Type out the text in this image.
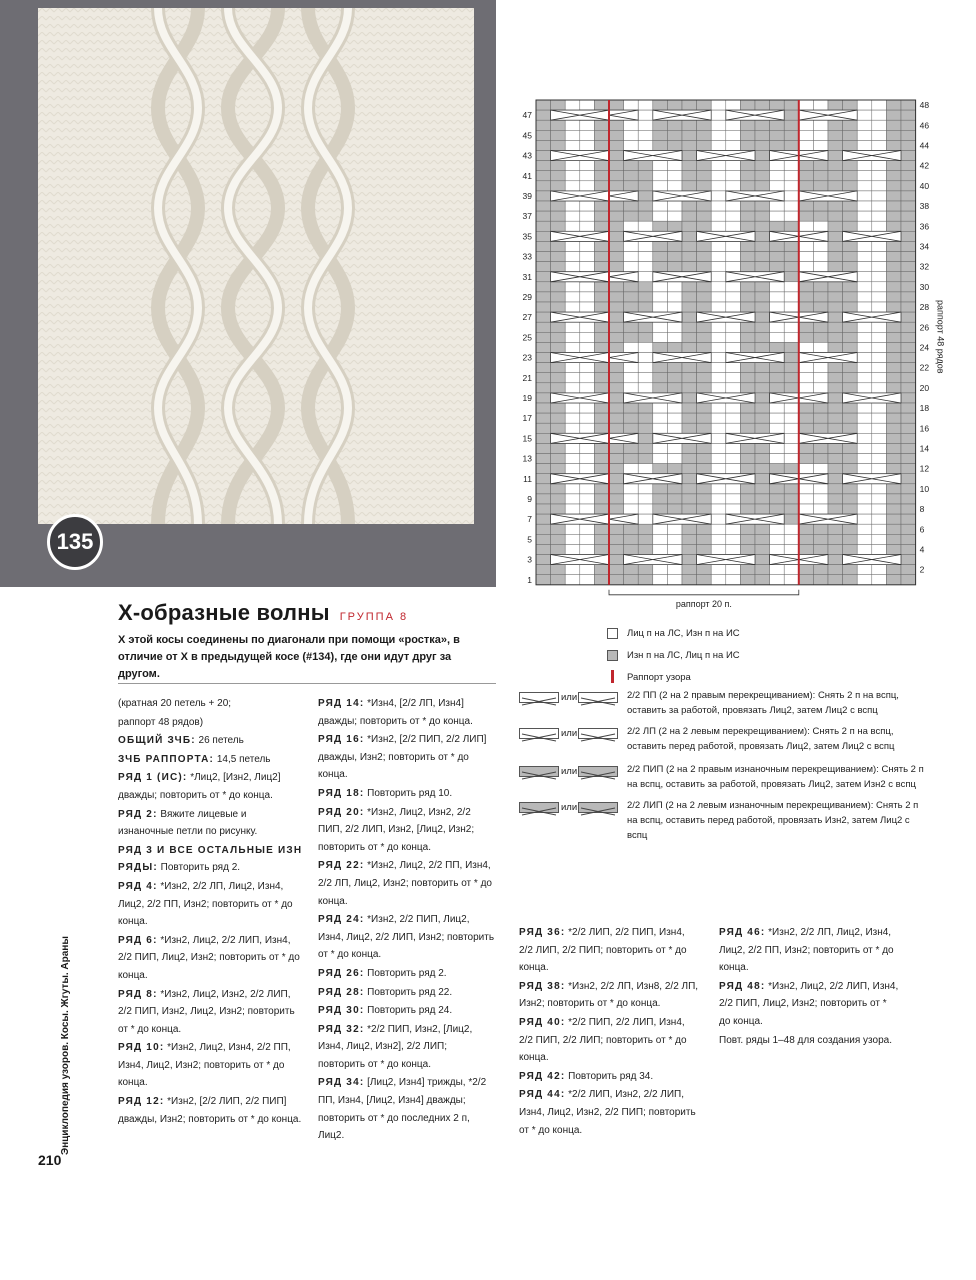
135
47
45
43
41
39
37
35
33
31
29
27
25
23
21
19
17
15
13
11
9
7
5
3
1
48
46
44
42
40
38
36
34
32
30
28
26
24
22
20
18
16
14
12
10
8
6
4
2
раппорт 48 рядов
раппорт 20 п.
X-образные волны ГРУППА 8
X этой косы соединены по диагонали при помощи «ростка», в отличие от X в предыдущей косе (#134), где они идут друг за другом.

(кратная 20 петель + 20;

раппорт 48 рядов)

ОБЩИЙ ЗЧБ: 26 петель

ЗЧБ РАППОРТА: 14,5 петель

РЯД 1 (ИС): *Лиц2, [Изн2, Лиц2] дважды; повторить от * до конца.

РЯД 2: Вяжите лицевые и изнаночные петли по рисунку.

РЯД 3 И ВСЕ ОСТАЛЬНЫЕ ИЗН РЯДЫ: Повторить ряд 2.

РЯД 4: *Изн2, 2/2 ЛП, Лиц2, Изн4, Лиц2, 2/2 ПП, Изн2; повторить от * до конца.

РЯД 6: *Изн2, Лиц2, 2/2 ЛИП, Изн4, 2/2 ПИП, Лиц2, Изн2; повторить от * до конца.

РЯД 8: *Изн2, Лиц2, Изн2, 2/2 ЛИП, 2/2 ПИП, Изн2, Лиц2, Изн2; повторить от * до конца.

РЯД 10: *Изн2, Лиц2, Изн4, 2/2 ПП, Изн4, Лиц2, Изн2; повторить от * до конца.

РЯД 12: *Изн2, [2/2 ЛИП, 2/2 ПИП] дважды, Изн2; повторить от * до конца.

РЯД 14: *Изн4, [2/2 ЛП, Изн4] дважды; повторить от * до конца.

РЯД 16: *Изн2, [2/2 ПИП, 2/2 ЛИП] дважды, Изн2; повторить от * до конца.

РЯД 18: Повторить ряд 10.

РЯД 20: *Изн2, Лиц2, Изн2, 2/2 ПИП, 2/2 ЛИП, Изн2, [Лиц2, Изн2; повторить от * до конца.

РЯД 22: *Изн2, Лиц2, 2/2 ПП, Изн4, 2/2 ЛП, Лиц2, Изн2; повторить от * до конца.

РЯД 24: *Изн2, 2/2 ПИП, Лиц2, Изн4, Лиц2, 2/2 ЛИП, Изн2; повторить от * до конца.

РЯД 26: Повторить ряд 2.

РЯД 28: Повторить ряд 22.

РЯД 30: Повторить ряд 24.

РЯД 32: *2/2 ПИП, Изн2, [Лиц2, Изн4, Лиц2, Изн2], 2/2 ЛИП; повторить от * до конца.

РЯД 34: [Лиц2, Изн4] трижды, *2/2 ПП, Изн4, [Лиц2, Изн4] дважды; повторить от * до последних 2 п, Лиц2.

РЯД 36: *2/2 ЛИП, 2/2 ПИП, Изн4, 2/2 ЛИП, 2/2 ПИП; повторить от * до конца.

РЯД 38: *Изн2, 2/2 ЛП, Изн8, 2/2 ЛП, Изн2; повторить от * до конца.

РЯД 40: *2/2 ПИП, 2/2 ЛИП, Изн4, 2/2 ПИП, 2/2 ЛИП; повторить от * до конца.

РЯД 42: Повторить ряд 34.

РЯД 44: *2/2 ЛИП, Изн2, 2/2 ЛИП, Изн4, Лиц2, Изн2, 2/2 ПИП; повторить от * до конца.

РЯД 46: *Изн2, 2/2 ЛП, Лиц2, Изн4, Лиц2, 2/2 ПП, Изн2; повторить от * до конца.

РЯД 48: *Изн2, Лиц2, 2/2 ЛИП, Изн4, 2/2 ПИП, Лиц2, Изн2; повторить от * до конца.

Повт. ряды 1–48 для создания узора.

Лиц п на ЛС, Изн п на ИС
Изн п на ЛС, Лиц п на ИС
Раппорт узора
или	2/2 ПП (2 на 2 правым перекрещиванием): Снять 2 п на вспц, оставить за работой, провязать Лиц2, затем Лиц2 с вспц
или	2/2 ЛП (2 на 2 левым перекрещиванием): Снять 2 п на вспц, оставить перед работой, провязать Лиц2, затем Лиц2 с вспц
или	2/2 ПИП (2 на 2 правым изнаночным перекрещиванием): Снять 2 п на вспц, оставить за работой, провязать Лиц2, затем Изн2 с вспц
или	2/2 ЛИП (2 на 2 левым изнаночным перекрещиванием): Снять 2 п на вспц, оставить перед работой, провязать Изн2, затем Лиц2 с вспц
Энциклопедия узоров. Косы. Жгуты. Араны
210
